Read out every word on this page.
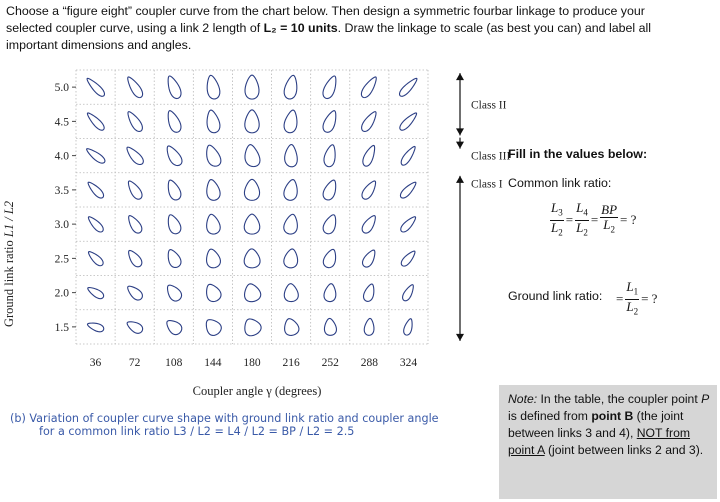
Choose a “figure eight” coupler curve from the chart below. Then design a symmetric fourbar linkage to produce your
selected coupler curve, using a link 2 length of L₂ = 10 units. Draw the linkage to scale (as best you can) and label all
important dimensions and angles.
5.0
4.5
4.0
3.5
3.0
2.5
2.0
1.5
36 72 108 144 180 216 252 288 324
Class II
Class III
Class I
Ground link ratio L1 / L2
Coupler angle γ (degrees)
(b) Variation of coupler curve shape with ground link ratio and coupler angle
for a common link ratio L3 / L2 = L4 / L2 = BP / L2 = 2.5
Fill in the values below:
Common link ratio:
$\frac{L_3}{L_2} = \frac{L_4}{L_2} = \frac{BP}{L_2}$ = ?
Ground link ratio: = $\frac{L_1}{L_2}$ = ?
Note: In the table, the coupler point P is defined from point B (the joint between links 3 and 4), NOT from point A (joint between links 2 and 3).
